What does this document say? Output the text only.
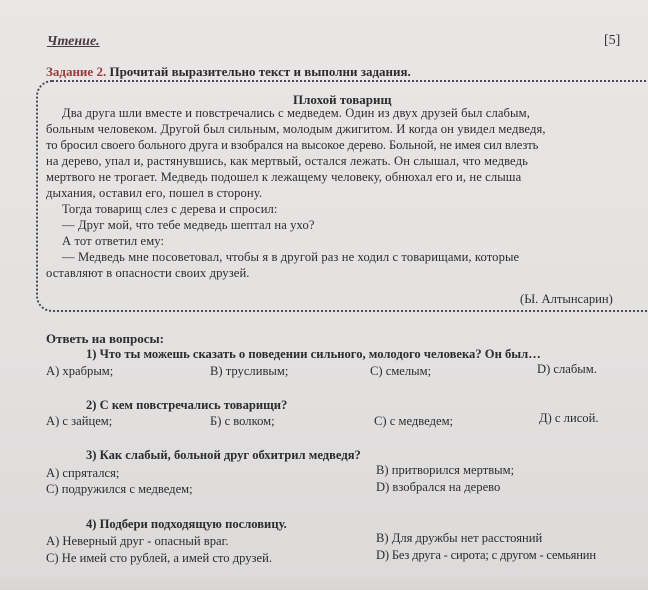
Чтение.	[5]
Задание 2. Прочитай выразительно текст и выполни задания.
Плохой товарищ
Два друга шли вместе и повстречались с медведем. Один из двух друзей был слабым,
больным человеком. Другой был сильным, молодым джигитом. И когда он увидел медведя,
то бросил своего больного друга и взобрался на высокое дерево. Больной, не имея сил влезть
на дерево, упал и, растянувшись, как мертвый, остался лежать. Он слышал, что медведь
мертвого не трогает. Медведь подошел к лежащему человеку, обнюхал его и, не слыша
дыхания, оставил его, пошел в сторону.
Тогда товарищ слез с дерева и спросил:
— Друг мой, что тебе медведь шептал на ухо?
А тот ответил ему:
— Медведь мне посоветовал, чтобы я в другой раз не ходил с товарищами, которые
оставляют в опасности своих друзей.
(Ы. Алтынсарин)
Ответь на вопросы:
1) Что ты можешь сказать о поведении сильного, молодого человека? Он был…
А) храбрым;	В) трусливым;	С) смелым;	D) слабым.
2) С кем повстречались товарищи?
А) с зайцем;	Б) с волком;	С) с медведем;	Д) с лисой.
3) Как слабый, больной друг обхитрил медведя?
А) спрятался;	В) притворился мертвым;
С) подружился с медведем;	D) взобрался на дерево
4) Подбери подходящую пословицу.
А) Неверный друг - опасный враг.	В) Для дружбы нет расстояний
С) Не имей сто рублей, а имей сто друзей.	D) Без друга - сирота; с другом - семьянин
